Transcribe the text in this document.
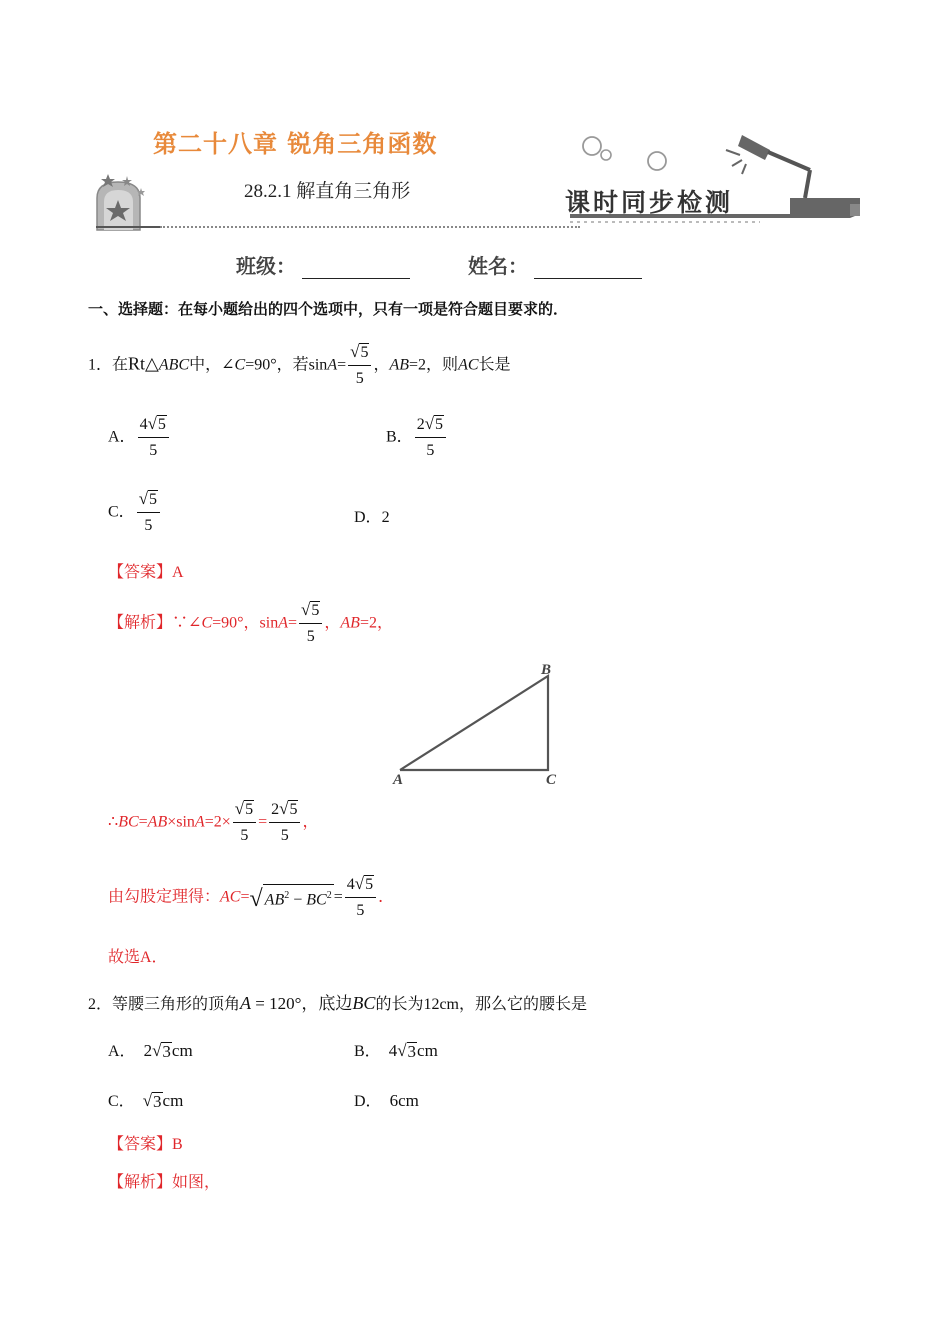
第二十八章 锐角三角函数
28.2.1 解直角三角形	课时同步检测
班级：	姓名：
一、选择题：在每小题给出的四个选项中，只有一项是符合题目要求的．
1．在Rt△ABC中，∠C=90°，若$\sin A= \frac{√ 5}{5}$ ，AB=2，则AC长是
A． $\frac{4 √ 5}{5}$	B． $\frac{2 √ 5}{5}$
C． $\frac{√ 5}{5}$	D．2
【答案】A
【解析】∵∠C=90°，$\sin A= \frac{√ 5}{5}$ ，AB=2，
A
B
C
∴BC=AB×sinA=2× $\frac{√ 5}{5} = \frac{2 √ 5}{5}$ ，
由勾股定理得：AC= √ $AB^2 - BC^2 = \frac{4 √ 5}{5}$ ．
故选A．
2．等腰三角形的顶角A = 120°，底边BC的长为12cm，那么它的腰长是
A． 2 √ 3 cm	B． 4 √ 3 cm
C． √ 3 cm	D． 6cm
【答案】B
【解析】如图，
